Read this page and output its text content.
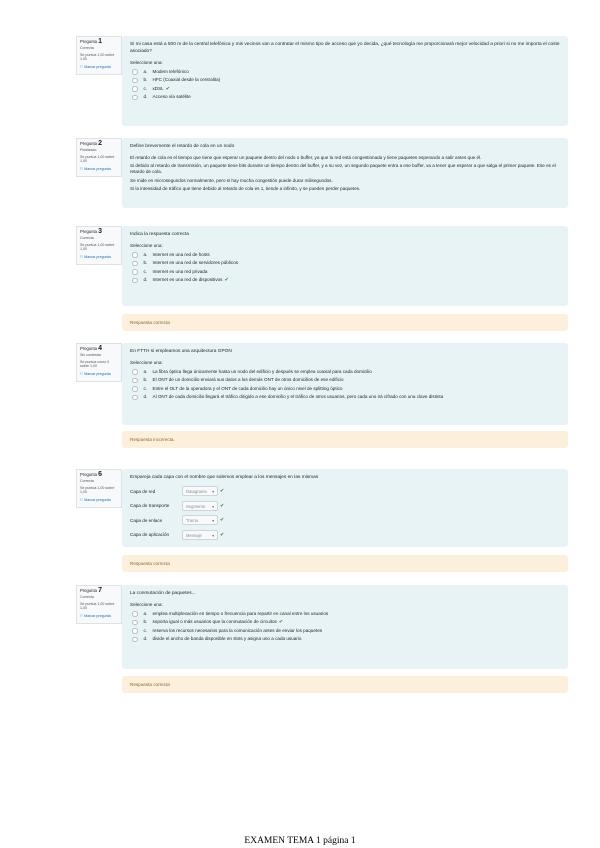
Pregunta 1
Correcta
Se puntúa 1,00 sobre 1,00
⚐ Marcar pregunta
Si mi casa está a 500 m de la central telefónica y mis vecinos van a contratar el mismo tipo de acceso que yo decida, ¿qué tecnología me proporcionará mejor velocidad a priori si no me importa el coste asociado?
Seleccione una:
a.	Modem telefónico
b.	HFC (Coaxial desde la centralita)
c.	xDSL ✔
d.	Acceso vía satélite
Pregunta 2
Finalizado
Se puntúa 1,00 sobre 1,00
⚐ Marcar pregunta
Define brevemente el retardo de cola en un nodo
El retardo de cola es el tiempo que tiene que esperar un paquete dentro del nodo o buffer, ya que la red está congestionada y tiene paquetes esperando a salir antes que él.
Si debido al retardo de transmisión, un paquete tiene bits durante un tiempo dentro del buffer, y a su vez, un segundo paquete entra a ese buffer, va a tener que esperar a que salga el primer paquete. Ese es el retardo de cola.
Se mide en microsegundos normalmente, pero si hay mucha congestión puede durar milisegundos.
Si la intensidad de tráfico que tiene debido al retardo de cola es 1, tiende a infinito, y se pueden perder paquetes.
Pregunta 3
Correcta
Se puntúa 1,00 sobre 1,00
⚐ Marcar pregunta
Indica la respuesta correcta
Seleccione una:
a.	Internet es una red de hosts
b.	Internet es una red de servidores públicos
c.	Internet es una red privada
d.	Internet es una red de dispositivos ✔
Respuesta correcta
Pregunta 4
Sin contestar
Se puntúa como 0 sobre 1,00
⚐ Marcar pregunta
En FTTH si empleamos una arquitectura GPON
Seleccione una:
a.	La fibra óptica llega únicamente hasta un nodo del edificio y después se emplea coaxial para cada domicilio
b.	El ONT de un domicilio enviará sus datos a los demás ONT de otros domicilios de ese edificio
c.	Entre el OLT de la operadora y el ONT de cada domicilio hay un único nivel de splitting óptico
d.	Al ONT de cada domicilio llegará el tráfico dirigido a ese domicilio y el tráfico de otros usuarios, pero cada uno irá cifrado con una clave distinta
Respuesta incorrecta.
Pregunta 6
Correcta
Se puntúa 1,00 sobre 1,00
⚐ Marcar pregunta
Empareja cada capa con el nombre que solemos emplear a los mensajes en las mismas
Capa de red	Datagrama ▾ ✔
Capa de transporte	Segmento ▾ ✔
Capa de enlace	Trama	▾ ✔
Capa de aplicación	Mensaje	▾ ✔
Respuesta correcta
Pregunta 7
Correcta
Se puntúa 1,00 sobre 1,00
⚐ Marcar pregunta
La conmutación de paquetes...
Seleccione una:
a.	emplea multiplexación en tiempo o frecuencia para repartir en canal entre los usuarios
b.	soporta igual o más usuarios que la conmutación de circuitos ✔
c.	reserva los recursos necesarios para la comunicación antes de enviar los paquetes
d.	divide el ancho de banda disponible en slots y asigna uno a cada usuario
Respuesta correcta
EXAMEN TEMA 1 página 1
